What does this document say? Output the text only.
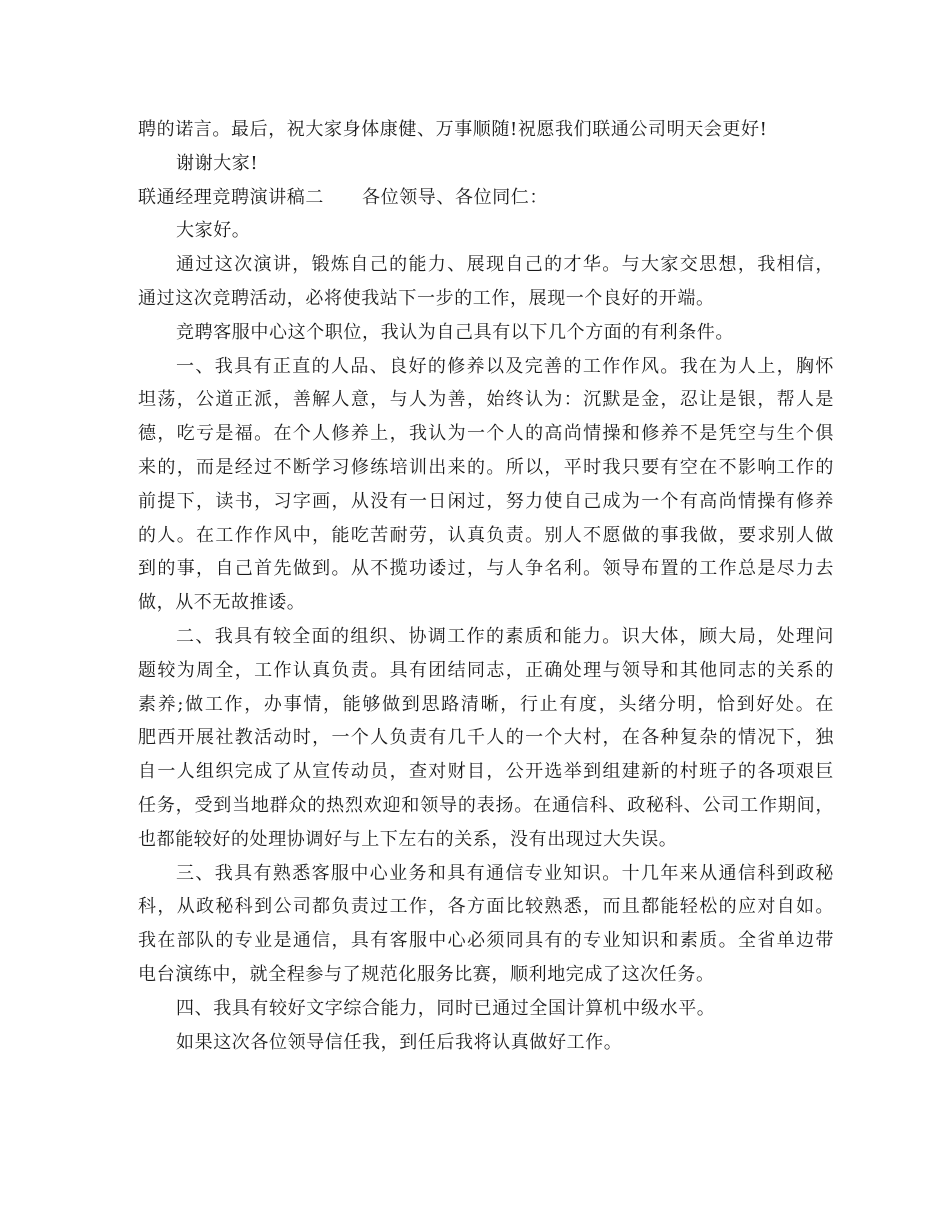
聘的诺言。最后，祝大家身体康健、万事顺随!祝愿我们联通公司明天会更好!
谢谢大家!
联通经理竞聘演讲稿二 各位领导、各位同仁：
大家好。
通过这次演讲，锻炼自己的能力、展现自己的才华。与大家交思想，我相信，
通过这次竞聘活动，必将使我站下一步的工作，展现一个良好的开端。
竞聘客服中心这个职位，我认为自己具有以下几个方面的有利条件。
一、我具有正直的人品、良好的修养以及完善的工作作风。我在为人上，胸怀
坦荡，公道正派，善解人意，与人为善，始终认为：沉默是金，忍让是银，帮人是
德，吃亏是福。在个人修养上，我认为一个人的高尚情操和修养不是凭空与生个俱
来的，而是经过不断学习修练培训出来的。所以，平时我只要有空在不影响工作的
前提下，读书，习字画，从没有一日闲过，努力使自己成为一个有高尚情操有修养
的人。在工作作风中，能吃苦耐劳，认真负责。别人不愿做的事我做，要求别人做
到的事，自己首先做到。从不揽功诿过，与人争名利。领导布置的工作总是尽力去
做，从不无故推诿。
二、我具有较全面的组织、协调工作的素质和能力。识大体，顾大局，处理问
题较为周全，工作认真负责。具有团结同志，正确处理与领导和其他同志的关系的
素养;做工作，办事情，能够做到思路清晰，行止有度，头绪分明，恰到好处。在
肥西开展社教活动时，一个人负责有几千人的一个大村，在各种复杂的情况下，独
自一人组织完成了从宣传动员，查对财目，公开选举到组建新的村班子的各项艰巨
任务，受到当地群众的热烈欢迎和领导的表扬。在通信科、政秘科、公司工作期间，
也都能较好的处理协调好与上下左右的关系，没有出现过大失误。
三、我具有熟悉客服中心业务和具有通信专业知识。十几年来从通信科到政秘
科，从政秘科到公司都负责过工作，各方面比较熟悉，而且都能轻松的应对自如。
我在部队的专业是通信，具有客服中心必须同具有的专业知识和素质。全省单边带
电台演练中，就全程参与了规范化服务比赛，顺利地完成了这次任务。
四、我具有较好文字综合能力，同时已通过全国计算机中级水平。
如果这次各位领导信任我，到任后我将认真做好工作。
